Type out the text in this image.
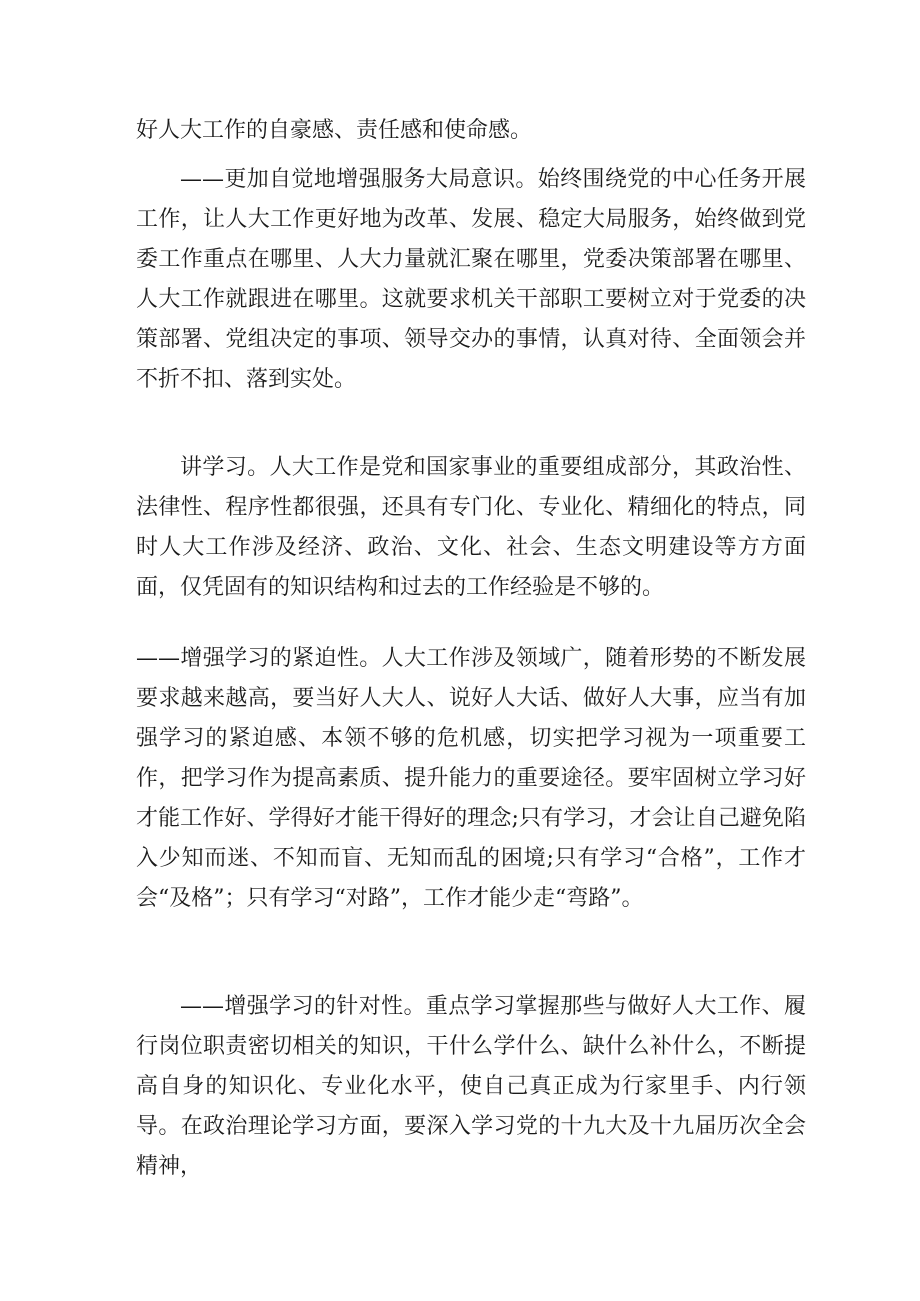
好人大工作的自豪感、责任感和使命感。

——更加自觉地增强服务大局意识。始终围绕党的中心任务开展工作，让人大工作更好地为改革、发展、稳定大局服务，始终做到党委工作重点在哪里、人大力量就汇聚在哪里，党委决策部署在哪里、人大工作就跟进在哪里。这就要求机关干部职工要树立对于党委的决策部署、党组决定的事项、领导交办的事情，认真对待、全面领会并不折不扣、落到实处。

讲学习。人大工作是党和国家事业的重要组成部分，其政治性、法律性、程序性都很强，还具有专门化、专业化、精细化的特点，同时人大工作涉及经济、政治、文化、社会、生态文明建设等方方面面，仅凭固有的知识结构和过去的工作经验是不够的。

——增强学习的紧迫性。人大工作涉及领域广，随着形势的不断发展要求越来越高，要当好人大人、说好人大话、做好人大事，应当有加强学习的紧迫感、本领不够的危机感，切实把学习视为一项重要工作，把学习作为提高素质、提升能力的重要途径。要牢固树立学习好才能工作好、学得好才能干得好的理念;只有学习，才会让自己避免陷入少知而迷、不知而盲、无知而乱的困境;只有学习“合格”，工作才会“及格”；只有学习“对路”，工作才能少走“弯路”。

——增强学习的针对性。重点学习掌握那些与做好人大工作、履行岗位职责密切相关的知识，干什么学什么、缺什么补什么，不断提高自身的知识化、专业化水平，使自己真正成为行家里手、内行领导。在政治理论学习方面，要深入学习党的十九大及十九届历次全会精神，
